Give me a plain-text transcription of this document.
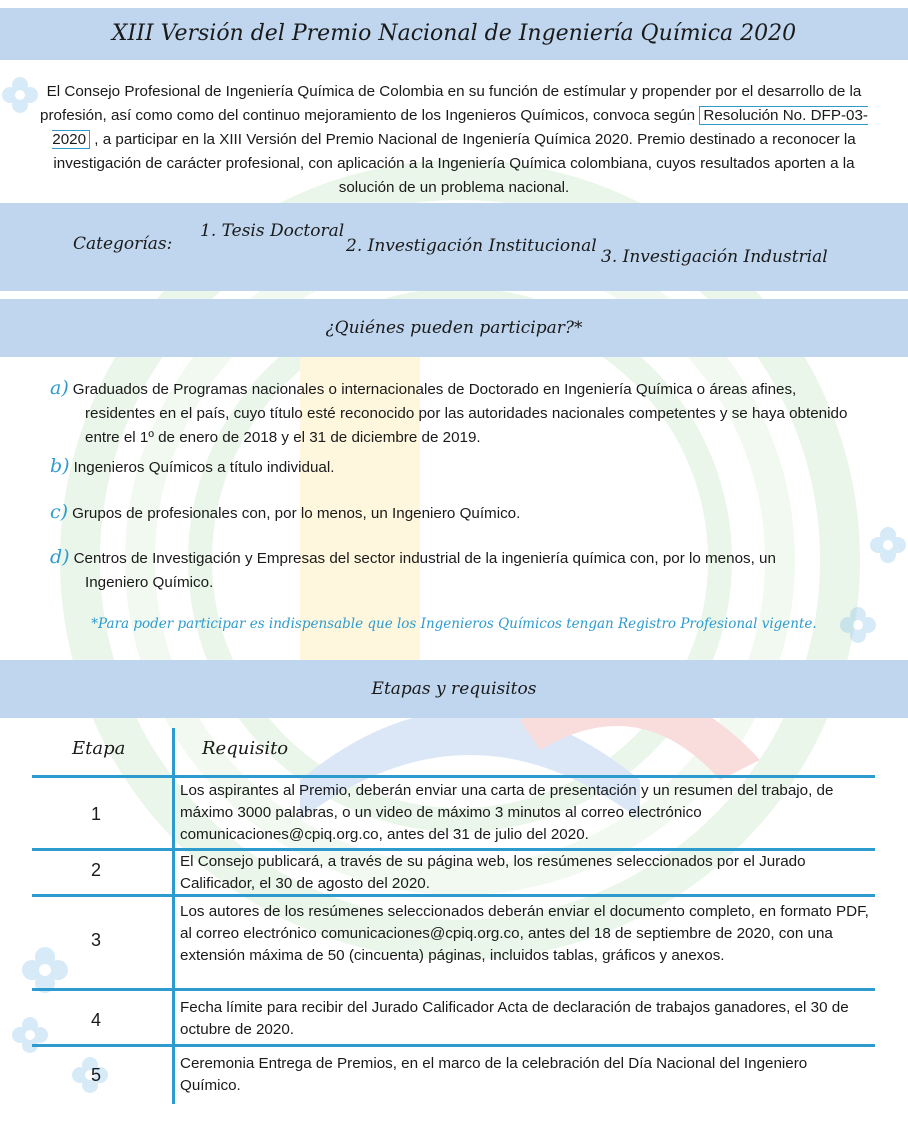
XIII Versión del Premio Nacional de Ingeniería Química 2020
El Consejo Profesional de Ingeniería Química de Colombia en su función de estímular y propender por el desarrollo de la profesión, así como como del continuo mejoramiento de los Ingenieros Químicos, convoca según Resolución No. DFP-03-2020 , a participar en la XIII Versión del Premio Nacional de Ingeniería Química 2020. Premio destinado a reconocer la investigación de carácter profesional, con aplicación a la Ingeniería Química colombiana, cuyos resultados aporten a la solución de un problema nacional.
Categorías:
1. Tesis Doctoral
2. Investigación Institucional
3. Investigación Industrial
¿Quiénes pueden participar?*
a) Graduados de Programas nacionales o internacionales de Doctorado en Ingeniería Química o áreas afines,
residentes en el país, cuyo título esté reconocido por las autoridades nacionales competentes y se haya obtenido entre el 1º de enero de 2018 y el 31 de diciembre de 2019.
b) Ingenieros Químicos a título individual.
c) Grupos de profesionales con, por lo menos, un Ingeniero Químico.
d) Centros de Investigación y Empresas del sector industrial de la ingeniería química con, por lo menos, un
Ingeniero Químico.
*Para poder participar es indispensable que los Ingenieros Químicos tengan Registro Profesional vigente.
Etapas y requisitos
Etapa	Requisito
1
Los aspirantes al Premio, deberán enviar una carta de presentación y un resumen del trabajo, de máximo 3000 palabras, o un video de máximo 3 minutos al correo electrónico comunicaciones@cpiq.org.co, antes del 31 de julio del 2020.
2	El Consejo publicará, a través de su página web, los resúmenes seleccionados por el Jurado Calificador, el 30 de agosto del 2020.
3
Los autores de los resúmenes seleccionados deberán enviar el documento completo, en formato PDF, al correo electrónico comunicaciones@cpiq.org.co, antes del 18 de septiembre de 2020, con una extensión máxima de 50 (cincuenta) páginas, incluidos tablas, gráficos y anexos.
4
Fecha límite para recibir del Jurado Calificador Acta de declaración de trabajos ganadores, el 30 de octubre de 2020.
5
Ceremonia Entrega de Premios, en el marco de la celebración del Día Nacional del Ingeniero Químico.
